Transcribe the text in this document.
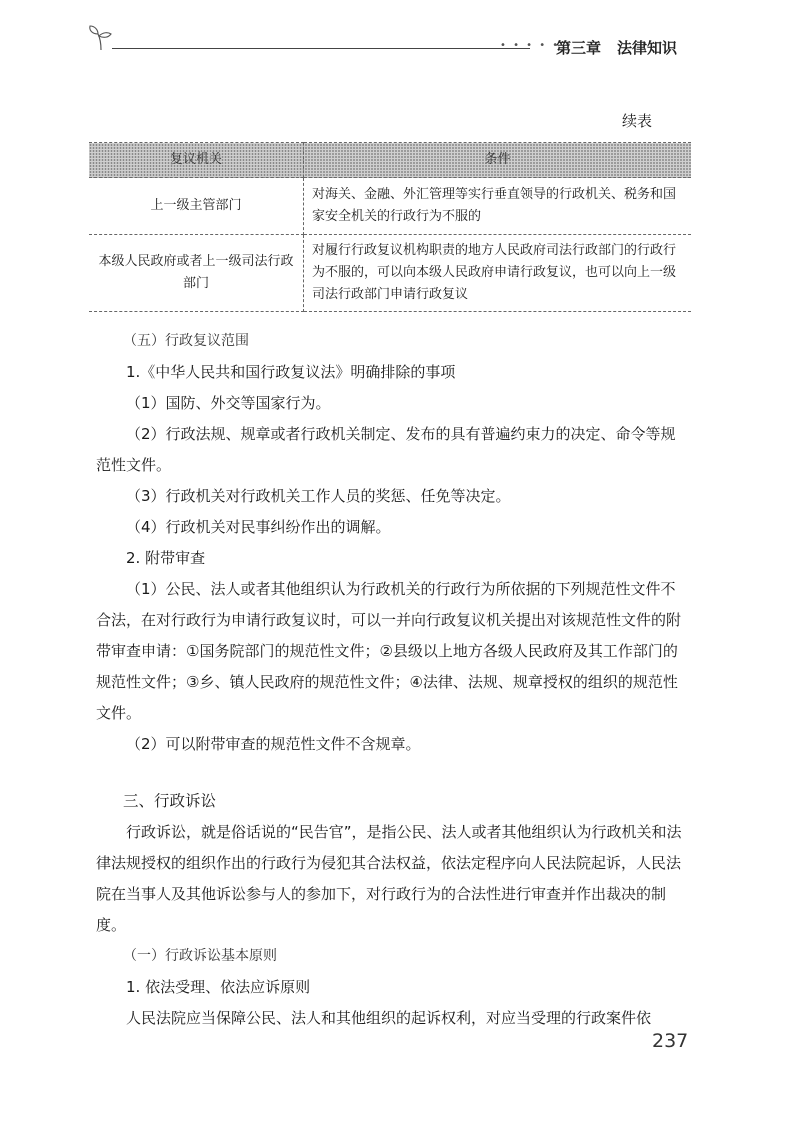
• • • • • •
第三章 法律知识
续表
复议机关	条件
上一级主管部门	对海关、金融、外汇管理等实行垂直领导的行政机关、税务和国家安全机关的行政行为不服的
本级人民政府或者上一级司法行政部门	对履行行政复议机构职责的地方人民政府司法行政部门的行政行为不服的，可以向本级人民政府申请行政复议，也可以向上一级司法行政部门申请行政复议

（五）行政复议范围

1.《中华人民共和国行政复议法》明确排除的事项

（1）国防、外交等国家行为。

（2）行政法规、规章或者行政机关制定、发布的具有普遍约束力的决定、命令等规范性文件。

（3）行政机关对行政机关工作人员的奖惩、任免等决定。

（4）行政机关对民事纠纷作出的调解。

2. 附带审查

（1）公民、法人或者其他组织认为行政机关的行政行为所依据的下列规范性文件不合法，在对行政行为申请行政复议时，可以一并向行政复议机关提出对该规范性文件的附带审查申请：①国务院部门的规范性文件；②县级以上地方各级人民政府及其工作部门的规范性文件；③乡、镇人民政府的规范性文件；④法律、法规、规章授权的组织的规范性文件。

（2）可以附带审查的规范性文件不含规章。

三、行政诉讼

行政诉讼，就是俗话说的“民告官”，是指公民、法人或者其他组织认为行政机关和法律法规授权的组织作出的行政行为侵犯其合法权益，依法定程序向人民法院起诉，人民法院在当事人及其他诉讼参与人的参加下，对行政行为的合法性进行审查并作出裁决的制度。

（一）行政诉讼基本原则

1. 依法受理、依法应诉原则

人民法院应当保障公民、法人和其他组织的起诉权利，对应当受理的行政案件依

237
